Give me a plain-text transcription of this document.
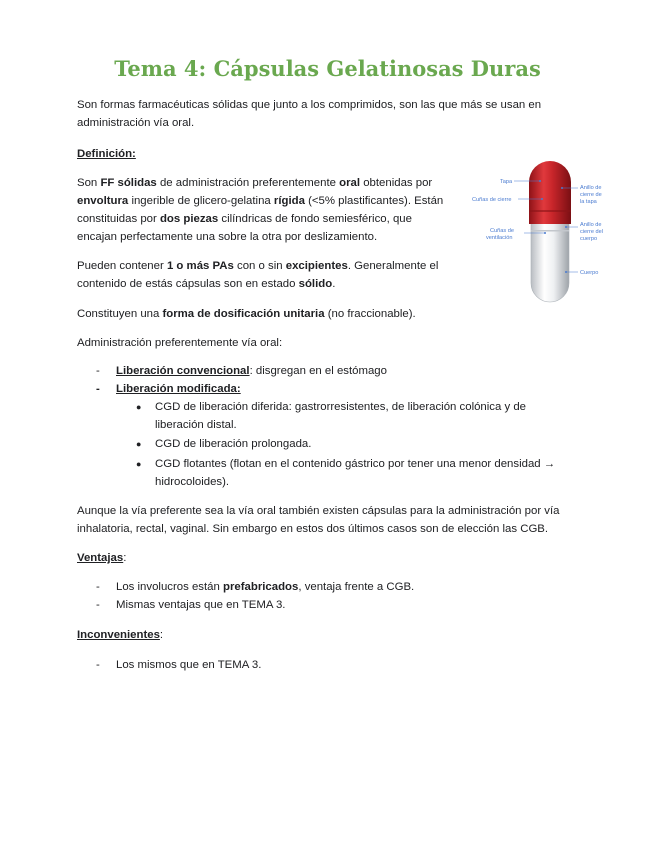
Tema 4: Cápsulas Gelatinosas Duras

Son formas farmacéuticas sólidas que junto a los comprimidos, son las que más se usan en

administración vía oral.

Definición:

Son FF sólidas de administración preferentemente oral obtenidas por

envoltura ingerible de glicero-gelatina rígida (<5% plastificantes). Están

constituidas por dos piezas cilíndricas de fondo semiesférico, que

encajan perfectamente una sobre la otra por deslizamiento.

Pueden contener 1 o más PAs con o sin excipientes. Generalmente el

contenido de estás cápsulas son en estado sólido.

Constituyen una forma de dosificación unitaria (no fraccionable).

Administración preferentemente vía oral:

Tapa
Cuñas de cierre
Cuñas de
ventilación
Anillo de
cierre de
la tapa
Anillo de
cierre del
cuerpo
Cuerpo
- Liberación convencional: disgregan en el estómago

- Liberación modificada:

● CGD de liberación diferida: gastrorresistentes, de liberación colónica y de

liberación distal.

● CGD de liberación prolongada.

● CGD flotantes (flotan en el contenido gástrico por tener una menor densidad →

hidrocoloides).

Aunque la vía preferente sea la vía oral también existen cápsulas para la administración por vía

inhalatoria, rectal, vaginal. Sin embargo en estos dos últimos casos son de elección las CGB.

Ventajas:

- Los involucros están prefabricados, ventaja frente a CGB.

- Mismas ventajas que en TEMA 3.

Inconvenientes:

- Los mismos que en TEMA 3.
